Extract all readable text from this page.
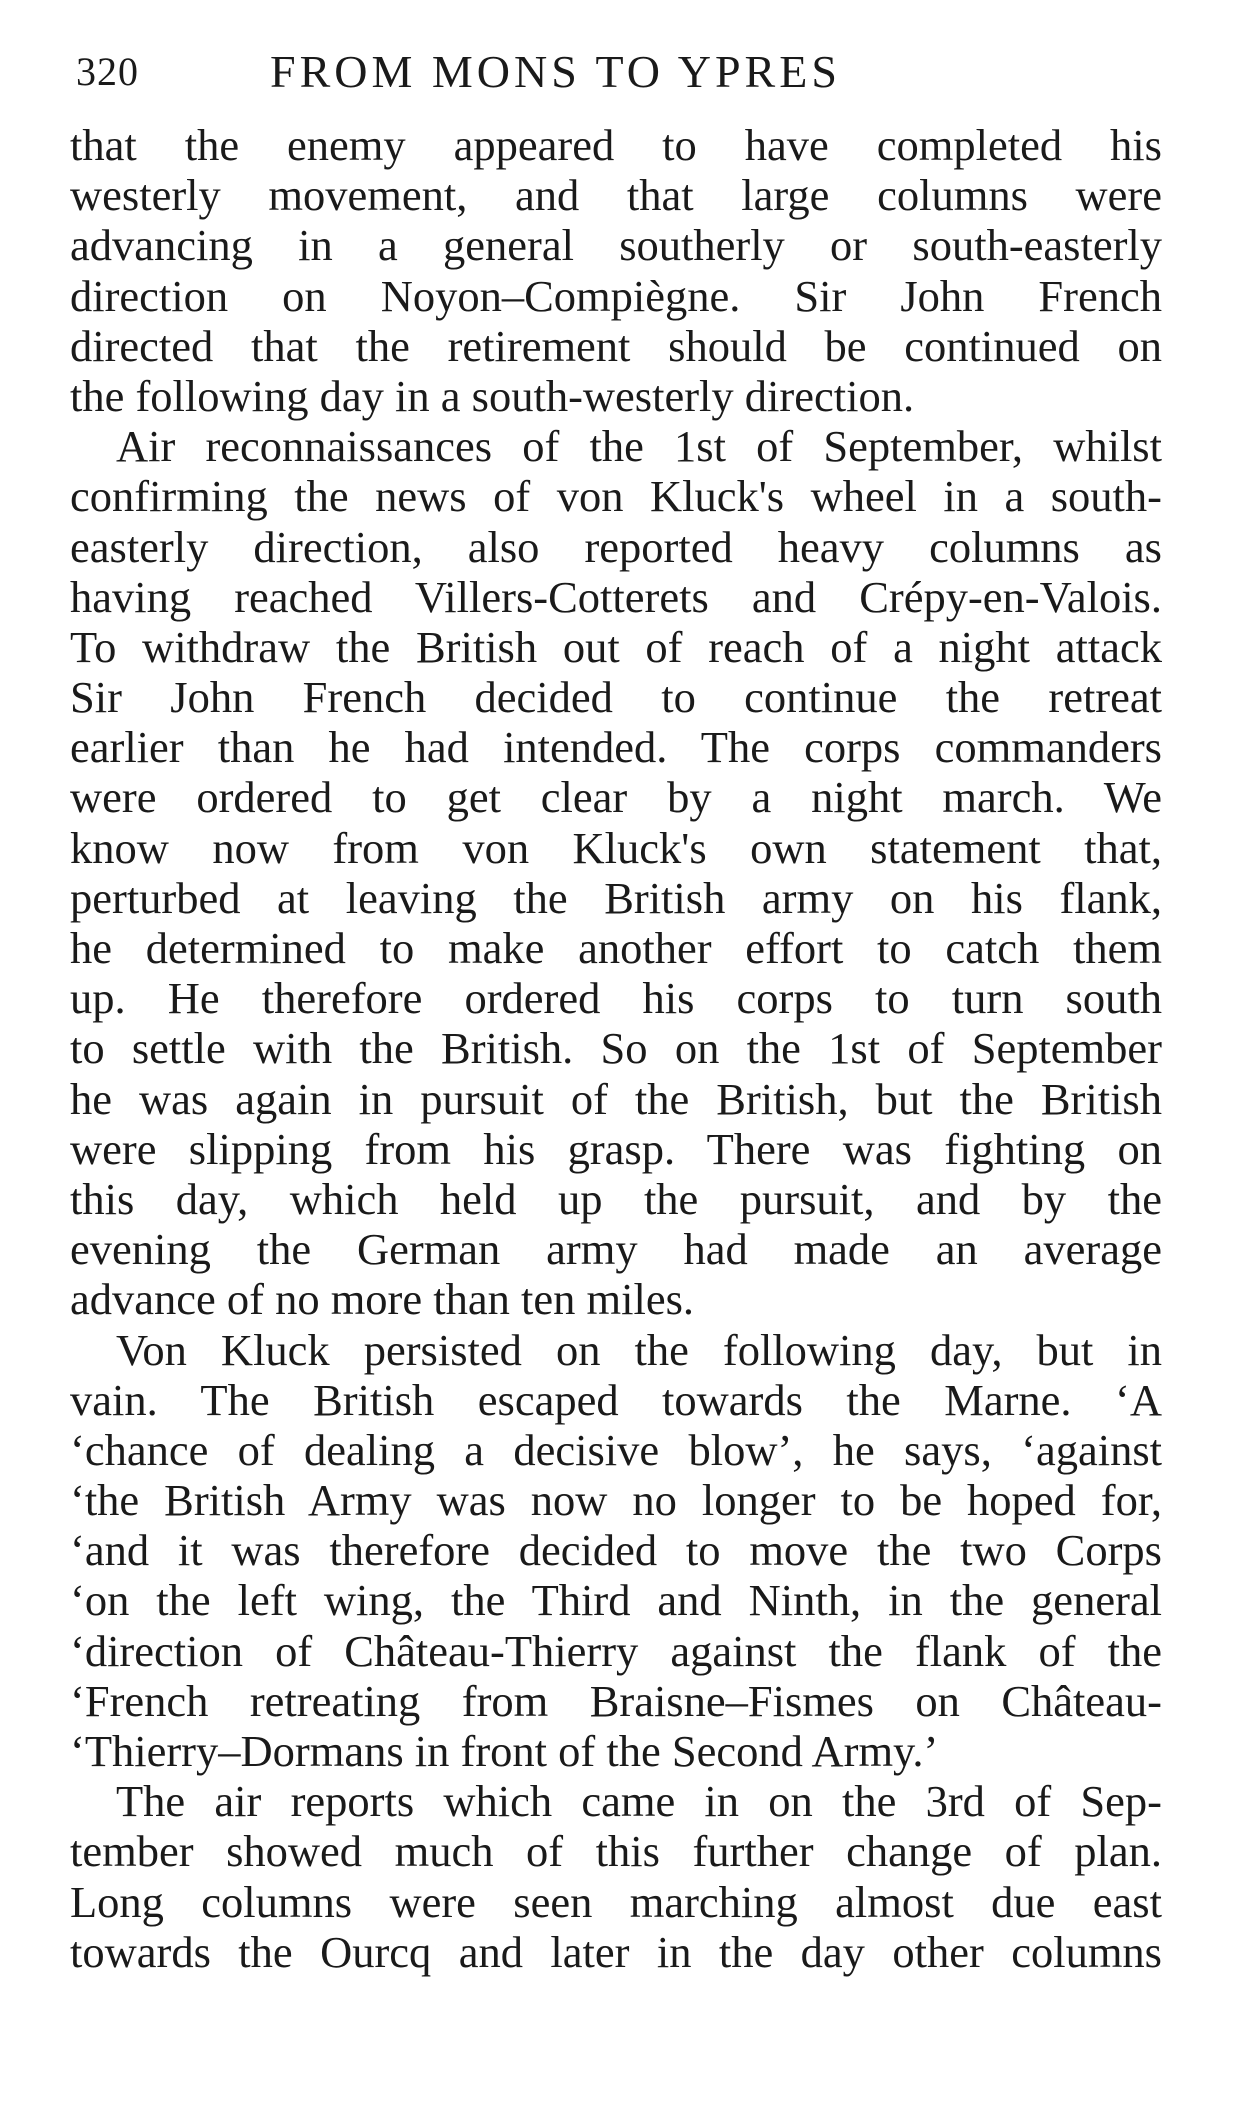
320	FROM MONS TO YPRES

that the enemy appeared to have completed his
westerly movement, and that large columns were
advancing in a general southerly or south-easterly
direction on Noyon–Compiègne. Sir John French
directed that the retirement should be continued on
the following day in a south-westerly direction.

Air reconnaissances of the 1st of September, whilst
confirming the news of von Kluck's wheel in a south-
easterly direction, also reported heavy columns as
having reached Villers-Cotterets and Crépy-en-Valois.
To withdraw the British out of reach of a night attack
Sir John French decided to continue the retreat
earlier than he had intended. The corps commanders
were ordered to get clear by a night march. We
know now from von Kluck's own statement that,
perturbed at leaving the British army on his flank,
he determined to make another effort to catch them
up. He therefore ordered his corps to turn south
to settle with the British. So on the 1st of September
he was again in pursuit of the British, but the British
were slipping from his grasp. There was fighting on
this day, which held up the pursuit, and by the
evening the German army had made an average
advance of no more than ten miles.

Von Kluck persisted on the following day, but in
vain. The British escaped towards the Marne. ‘A
‘chance of dealing a decisive blow’, he says, ‘against
‘the British Army was now no longer to be hoped for,
‘and it was therefore decided to move the two Corps
‘on the left wing, the Third and Ninth, in the general
‘direction of Château-Thierry against the flank of the
‘French retreating from Braisne–Fismes on Château-
‘Thierry–Dormans in front of the Second Army.’

The air reports which came in on the 3rd of Sep-
tember showed much of this further change of plan.
Long columns were seen marching almost due east
towards the Ourcq and later in the day other columns
